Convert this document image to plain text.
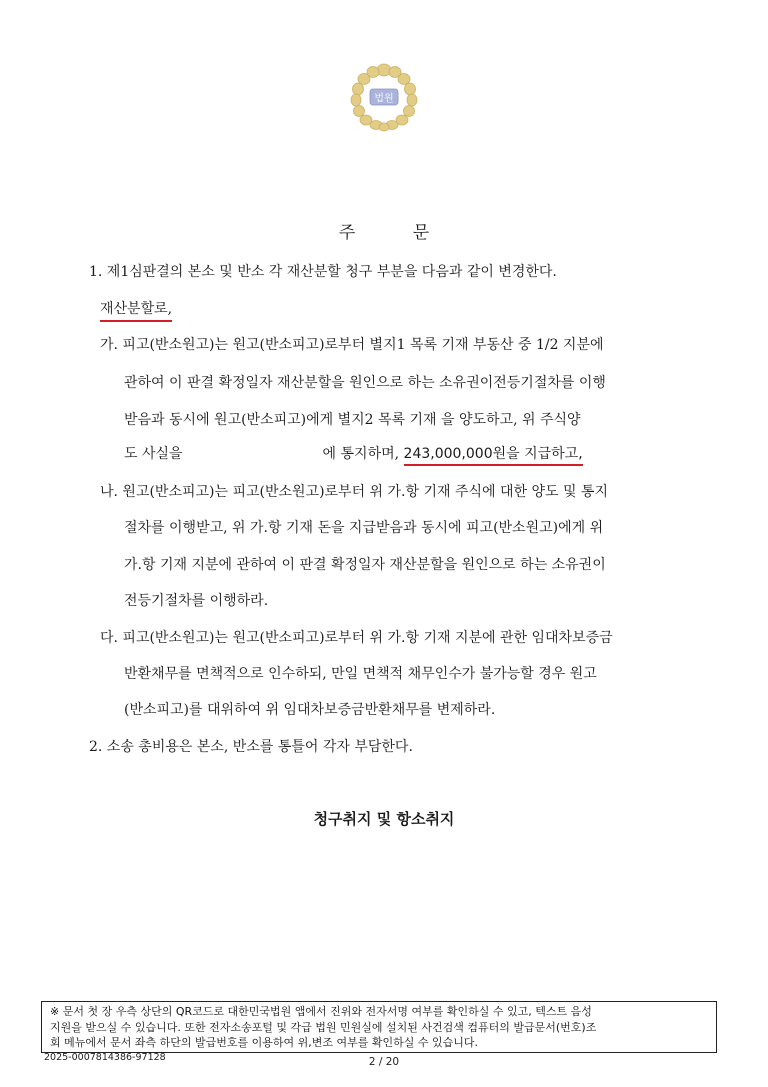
법원
주	문
1. 제1심판결의 본소 및 반소 각 재산분할 청구 부분을 다음과 같이 변경한다.
재산분할로,
가. 피고(반소원고)는 원고(반소피고)로부터 별지1 목록 기재 부동산 중 1/2 지분에
관하여 이 판결 확정일자 재산분할을 원인으로 하는 소유권이전등기절차를 이행
받음과 동시에 원고(반소피고)에게 별지2 목록 기재 을 양도하고, 위 주식양
도 사실을	에 통지하며, 243,000,000원을 지급하고,
나. 원고(반소피고)는 피고(반소원고)로부터 위 가.항 기재 주식에 대한 양도 및 통지
절차를 이행받고, 위 가.항 기재 돈을 지급받음과 동시에 피고(반소원고)에게 위
가.항 기재 지분에 관하여 이 판결 확정일자 재산분할을 원인으로 하는 소유권이
전등기절차를 이행하라.
다. 피고(반소원고)는 원고(반소피고)로부터 위 가.항 기재 지분에 관한 임대차보증금
반환채무를 면책적으로 인수하되, 만일 면책적 채무인수가 불가능할 경우 원고
(반소피고)를 대위하여 위 임대차보증금반환채무를 변제하라.
2. 소송 총비용은 본소, 반소를 통틀어 각자 부담한다.
청구취지 및 항소취지
※ 문서 첫 장 우측 상단의 QR코드로 대한민국법원 앱에서 진위와 전자서명 여부를 확인하실 수 있고, 텍스트 음성
지원을 받으실 수 있습니다. 또한 전자소송포털 및 각급 법원 민원실에 설치된 사건검색 컴퓨터의 발급문서(번호)조
회 메뉴에서 문서 좌측 하단의 발급번호를 이용하여 위,변조 여부를 확인하실 수 있습니다.
2025-0007814386-97128	2 / 20
